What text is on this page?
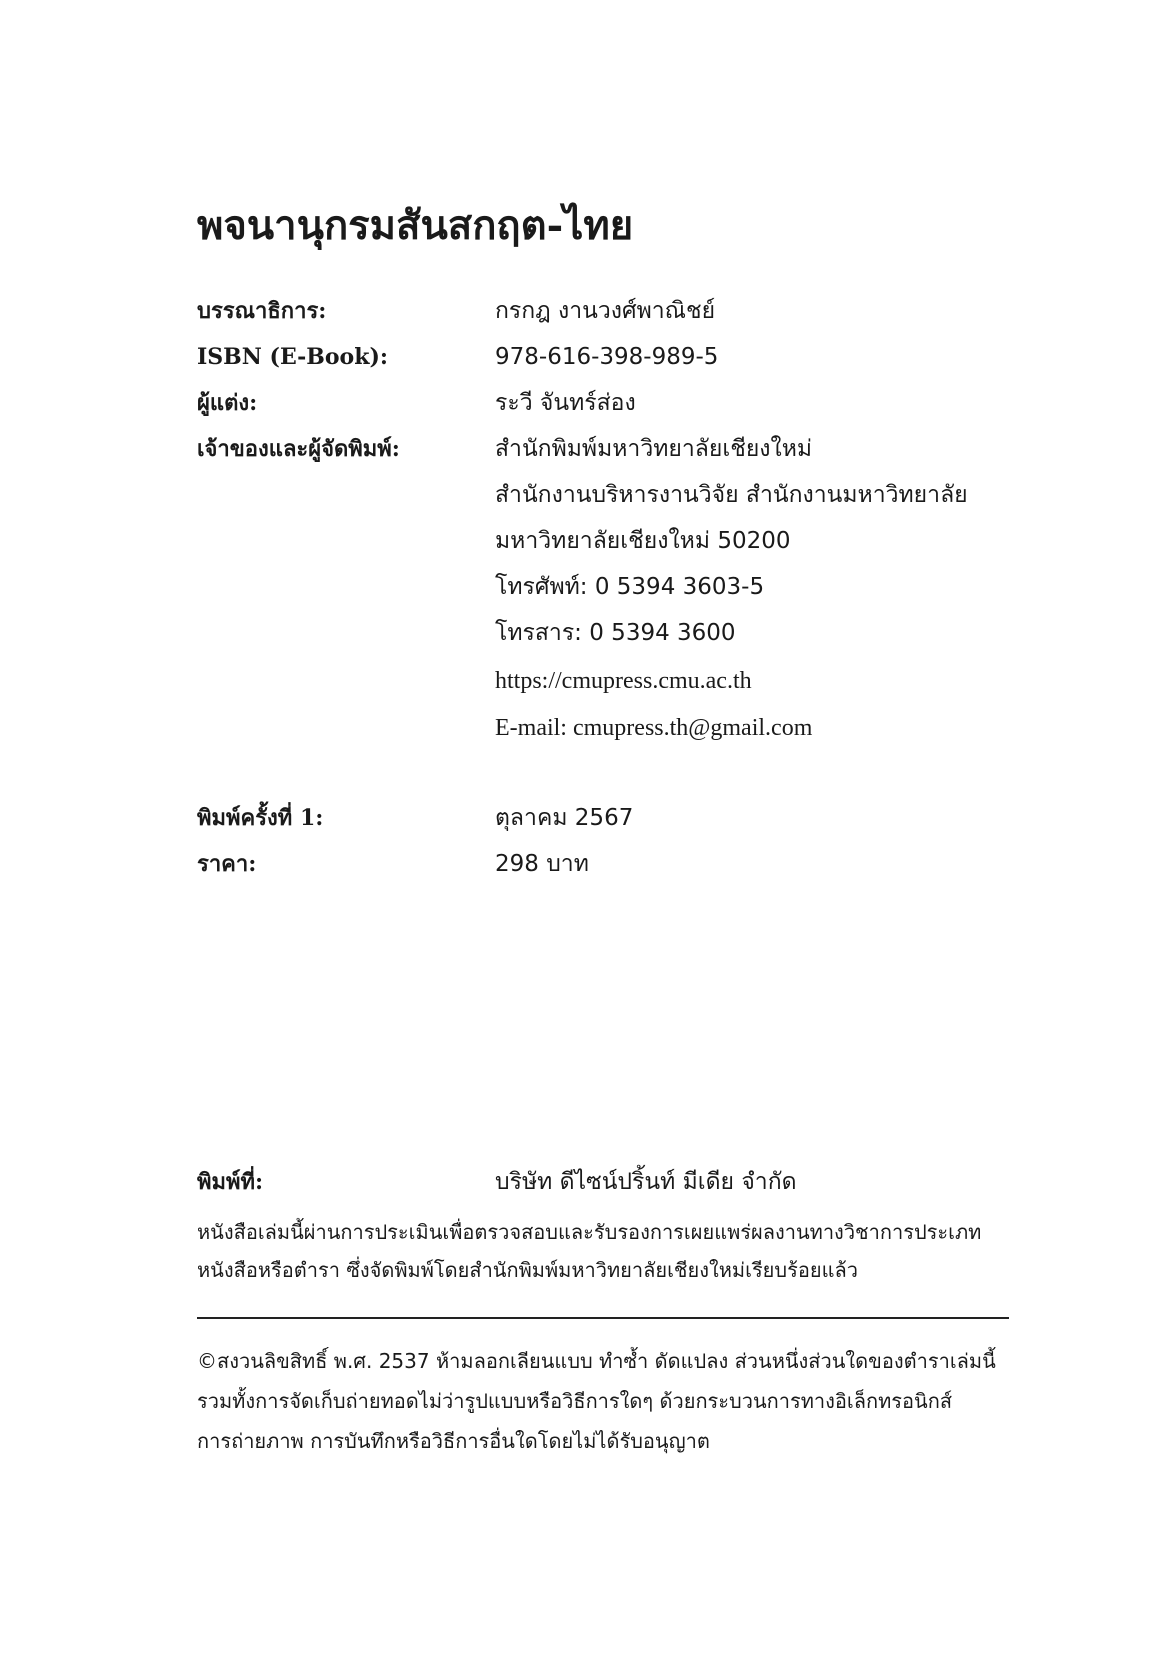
พจนานุกรมสันสกฤต-ไทย
บรรณาธิการ:	กรกฎ งานวงศ์พาณิชย์
ISBN (E-Book):	978-616-398-989-5
ผู้แต่ง:	ระวี จันทร์ส่อง
เจ้าของและผู้จัดพิมพ์:	สำนักพิมพ์มหาวิทยาลัยเชียงใหม่
สำนักงานบริหารงานวิจัย สำนักงานมหาวิทยาลัย
มหาวิทยาลัยเชียงใหม่ 50200
โทรศัพท์: 0 5394 3603-5
โทรสาร: 0 5394 3600
https://cmupress.cmu.ac.th
E-mail: cmupress.th@gmail.com
พิมพ์ครั้งที่ 1:	ตุลาคม 2567
ราคา:	298 บาท
พิมพ์ที่:	บริษัท ดีไซน์ปริ้นท์ มีเดีย จำกัด
หนังสือเล่มนี้ผ่านการประเมินเพื่อตรวจสอบและรับรองการเผยแพร่ผลงานทางวิชาการประเภท
หนังสือหรือตำรา ซึ่งจัดพิมพ์โดยสำนักพิมพ์มหาวิทยาลัยเชียงใหม่เรียบร้อยแล้ว
©สงวนลิขสิทธิ์ พ.ศ. 2537 ห้ามลอกเลียนแบบ ทำซ้ำ ดัดแปลง ส่วนหนึ่งส่วนใดของตำราเล่มนี้
รวมทั้งการจัดเก็บถ่ายทอดไม่ว่ารูปแบบหรือวิธีการใดๆ ด้วยกระบวนการทางอิเล็กทรอนิกส์
การถ่ายภาพ การบันทึกหรือวิธีการอื่นใดโดยไม่ได้รับอนุญาต
